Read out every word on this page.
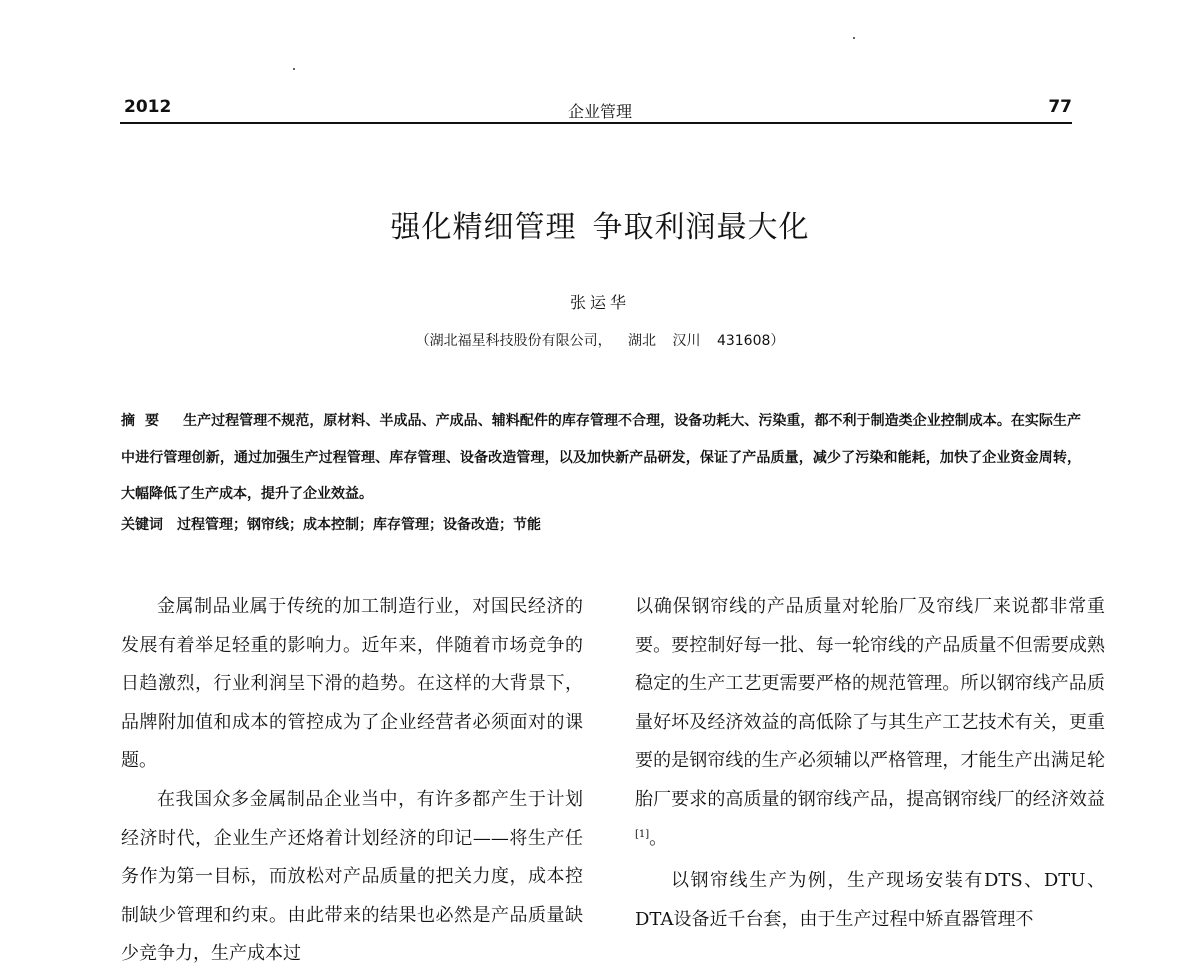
2012	企业管理	77
强化精细管理 争取利润最大化
张运华
（湖北福星科技股份有限公司， 湖北 汉川 431608）
摘要 生产过程管理不规范，原材料、半成品、产成品、辅料配件的库存管理不合理，设备功耗大、污染重，都不利于制造类企业控制成本。在实际生产中进行管理创新，通过加强生产过程管理、库存管理、设备改造管理，以及加快新产品研发，保证了产品质量，减少了污染和能耗，加快了企业资金周转，大幅降低了生产成本，提升了企业效益。
关键词 过程管理 ； 钢帘线 ； 成本控制 ； 库存管理 ； 设备改造 ； 节能

金属制品业属于传统的加工制造行业，对国民经济的发展有着举足轻重的影响力。近年来，伴随着市场竞争的日趋激烈，行业利润呈下滑的趋势。在这样的大背景下，品牌附加值和成本的管控成为了企业经营者必须面对的课题。

在我国众多金属制品企业当中，有许多都产生于计划经济时代，企业生产还烙着计划经济的印记——将生产任务作为第一目标，而放松对产品质量的把关力度，成本控制缺少管理和约束。由此带来的结果也必然是产品质量缺少竞争力，生产成本过

以确保钢帘线的产品质量对轮胎厂及帘线厂来说都非常重要。要控制好每一批、每一轮帘线的产品质量不但需要成熟稳定的生产工艺更需要严格的规范管理。所以钢帘线产品质量好坏及经济效益的高低除了与其生产工艺技术有关，更重要的是钢帘线的生产必须辅以严格管理，才能生产出满足轮胎厂要求的高质量的钢帘线产品，提高钢帘线厂的经济效益[1]。

以钢帘线生产为例，生产现场安装有DTS、DTU、DTA设备近千台套，由于生产过程中矫直器管理不
